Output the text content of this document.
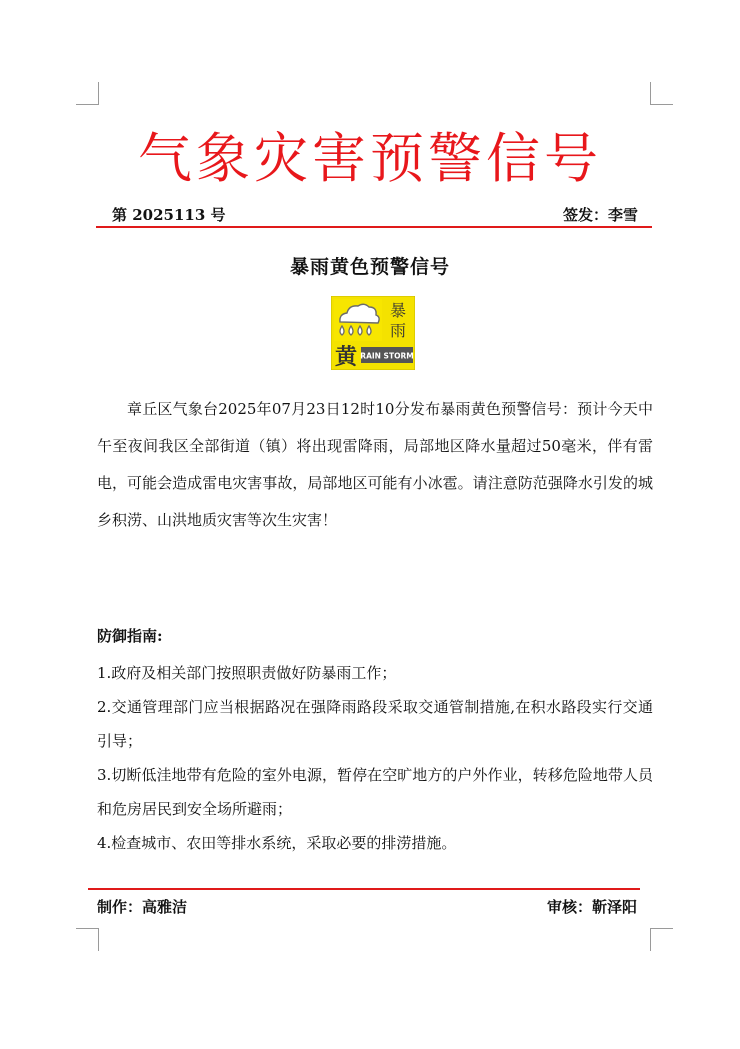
气象灾害预警信号
第 2025113 号	签发：李雪
暴雨黄色预警信号
暴
雨
黄 RAIN STORM

章丘区气象台2025年07月23日12时10分发布暴雨黄色预警信号：预计今天中午至夜间我区全部街道（镇）将出现雷降雨，局部地区降水量超过50毫米，伴有雷电，可能会造成雷电灾害事故，局部地区可能有小冰雹。请注意防范强降水引发的城乡积涝、山洪地质灾害等次生灾害！

防御指南:
1.政府及相关部门按照职责做好防暴雨工作；
2.交通管理部门应当根据路况在强降雨路段采取交通管制措施,在积水路段实行交通引导；
3.切断低洼地带有危险的室外电源，暂停在空旷地方的户外作业，转移危险地带人员和危房居民到安全场所避雨；
4.检查城市、农田等排水系统，采取必要的排涝措施。
制作：高雅洁	审核：靳泽阳
